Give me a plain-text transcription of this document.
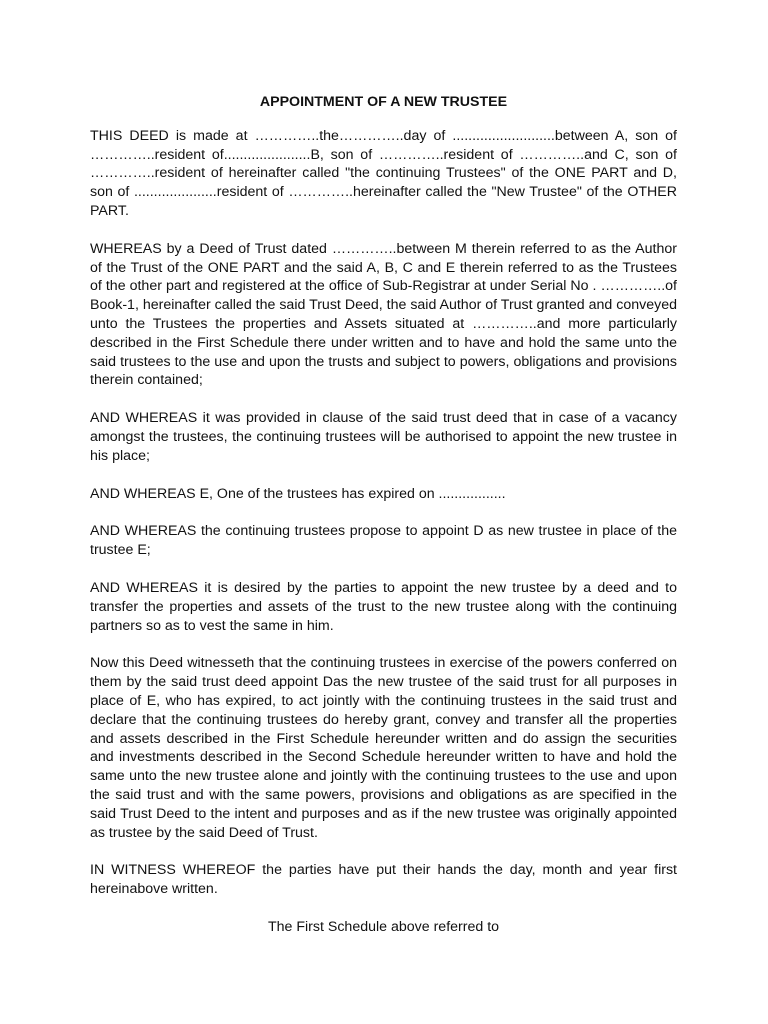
APPOINTMENT OF A NEW TRUSTEE

THIS DEED is made at …………..the…………..day of ..........................between A, son of …………..resident of......................B, son of …………..resident of …………..and C, son of …………..resident of hereinafter called "the continuing Trustees" of the ONE PART and D, son of .....................resident of …………..hereinafter called the "New Trustee" of the OTHER PART.

WHEREAS by a Deed of Trust dated …………..between M therein referred to as the Author of the Trust of the ONE PART and the said A, B, C and E therein referred to as the Trustees of the other part and registered at the office of Sub-Registrar at under Serial No . …………..of Book-1, hereinafter called the said Trust Deed, the said Author of Trust granted and conveyed unto the Trustees the properties and Assets situated at …………..and more particularly described in the First Schedule there under written and to have and hold the same unto the said trustees to the use and upon the trusts and subject to powers, obligations and provisions therein contained;

AND WHEREAS it was provided in clause of the said trust deed that in case of a vacancy amongst the trustees, the continuing trustees will be authorised to appoint the new trustee in his place;

AND WHEREAS E, One of the trustees has expired on .................

AND WHEREAS the continuing trustees propose to appoint D as new trustee in place of the trustee E;

AND WHEREAS it is desired by the parties to appoint the new trustee by a deed and to transfer the properties and assets of the trust to the new trustee along with the continuing partners so as to vest the same in him.

Now this Deed witnesseth that the continuing trustees in exercise of the powers conferred on them by the said trust deed appoint Das the new trustee of the said trust for all purposes in place of E, who has expired, to act jointly with the continuing trustees in the said trust and declare that the continuing trustees do hereby grant, convey and transfer all the properties and assets described in the First Schedule hereunder written and do assign the securities and investments described in the Second Schedule hereunder written to have and hold the same unto the new trustee alone and jointly with the continuing trustees to the use and upon the said trust and with the same powers, provisions and obligations as are specified in the said Trust Deed to the intent and purposes and as if the new trustee was originally appointed as trustee by the said Deed of Trust.

IN WITNESS WHEREOF the parties have put their hands the day, month and year first hereinabove written.

The First Schedule above referred to
